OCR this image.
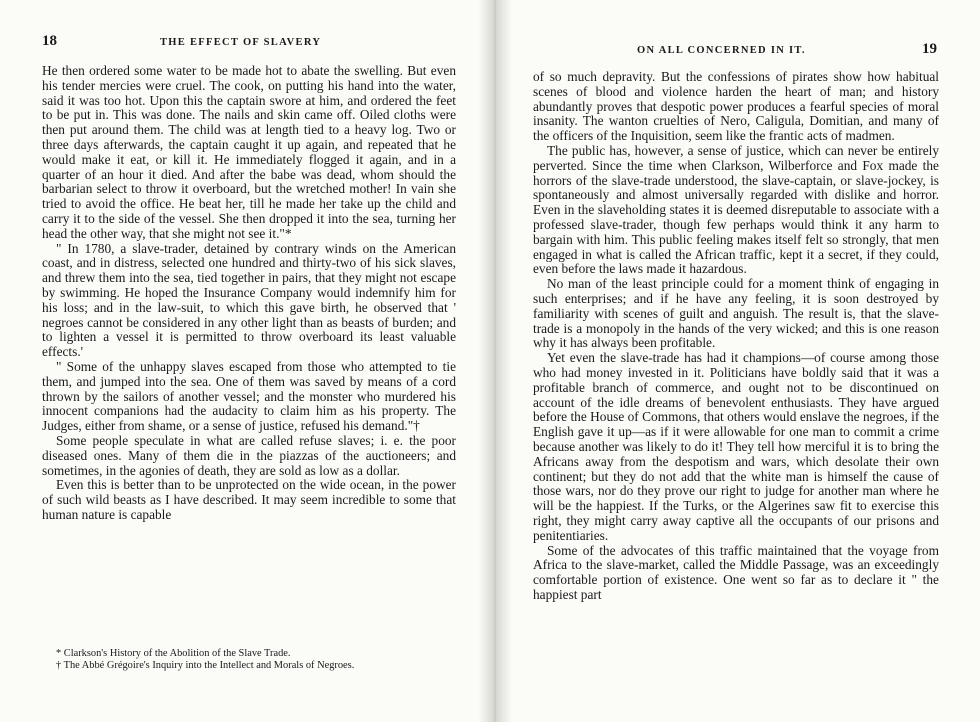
18	THE EFFECT OF SLAVERY

He then ordered some water to be made hot to abate the swelling. But even his tender mercies were cruel. The cook, on putting his hand into the water, said it was too hot. Upon this the captain swore at him, and ordered the feet to be put in. This was done. The nails and skin came off. Oiled cloths were then put around them. The child was at length tied to a heavy log. Two or three days afterwards, the captain caught it up again, and repeated that he would make it eat, or kill it. He immediately flogged it again, and in a quarter of an hour it died. And after the babe was dead, whom should the barbarian select to throw it overboard, but the wretched mother! In vain she tried to avoid the office. He beat her, till he made her take up the child and carry it to the side of the vessel. She then dropped it into the sea, turning her head the other way, that she might not see it."*

" In 1780, a slave-trader, detained by contrary winds on the American coast, and in distress, selected one hundred and thirty-two of his sick slaves, and threw them into the sea, tied together in pairs, that they might not escape by swimming. He hoped the Insurance Company would indemnify him for his loss; and in the law-suit, to which this gave birth, he observed that ' negroes cannot be considered in any other light than as beasts of burden; and to lighten a vessel it is permitted to throw overboard its least valuable effects.'

" Some of the unhappy slaves escaped from those who attempted to tie them, and jumped into the sea. One of them was saved by means of a cord thrown by the sailors of another vessel; and the monster who murdered his innocent companions had the audacity to claim him as his property. The Judges, either from shame, or a sense of justice, refused his demand."†

Some people speculate in what are called refuse slaves; i. e. the poor diseased ones. Many of them die in the piazzas of the auctioneers; and sometimes, in the agonies of death, they are sold as low as a dollar.

Even this is better than to be unprotected on the wide ocean, in the power of such wild beasts as I have described. It may seem incredible to some that human nature is capable

* Clarkson's History of the Abolition of the Slave Trade.

† The Abbé Grégoire's Inquiry into the Intellect and Morals of Negroes.

ON ALL CONCERNED IN IT.	19

of so much depravity. But the confessions of pirates show how habitual scenes of blood and violence harden the heart of man; and history abundantly proves that despotic power produces a fearful species of moral insanity. The wanton cruelties of Nero, Caligula, Domitian, and many of the officers of the Inquisition, seem like the frantic acts of madmen.

The public has, however, a sense of justice, which can never be entirely perverted. Since the time when Clarkson, Wilberforce and Fox made the horrors of the slave-trade understood, the slave-captain, or slave-jockey, is spontaneously and almost universally regarded with dislike and horror. Even in the slaveholding states it is deemed disreputable to associate with a professed slave-trader, though few perhaps would think it any harm to bargain with him. This public feeling makes itself felt so strongly, that men engaged in what is called the African traffic, kept it a secret, if they could, even before the laws made it hazardous.

No man of the least principle could for a moment think of engaging in such enterprises; and if he have any feeling, it is soon destroyed by familiarity with scenes of guilt and anguish. The result is, that the slave-trade is a monopoly in the hands of the very wicked; and this is one reason why it has always been profitable.

Yet even the slave-trade has had it champions—of course among those who had money invested in it. Politicians have boldly said that it was a profitable branch of commerce, and ought not to be discontinued on account of the idle dreams of benevolent enthusiasts. They have argued before the House of Commons, that others would enslave the negroes, if the English gave it up—as if it were allowable for one man to commit a crime because another was likely to do it! They tell how merciful it is to bring the Africans away from the despotism and wars, which desolate their own continent; but they do not add that the white man is himself the cause of those wars, nor do they prove our right to judge for another man where he will be the happiest. If the Turks, or the Algerines saw fit to exercise this right, they might carry away captive all the occupants of our prisons and penitentiaries.

Some of the advocates of this traffic maintained that the voyage from Africa to the slave-market, called the Middle Passage, was an exceedingly comfortable portion of existence. One went so far as to declare it " the happiest part
